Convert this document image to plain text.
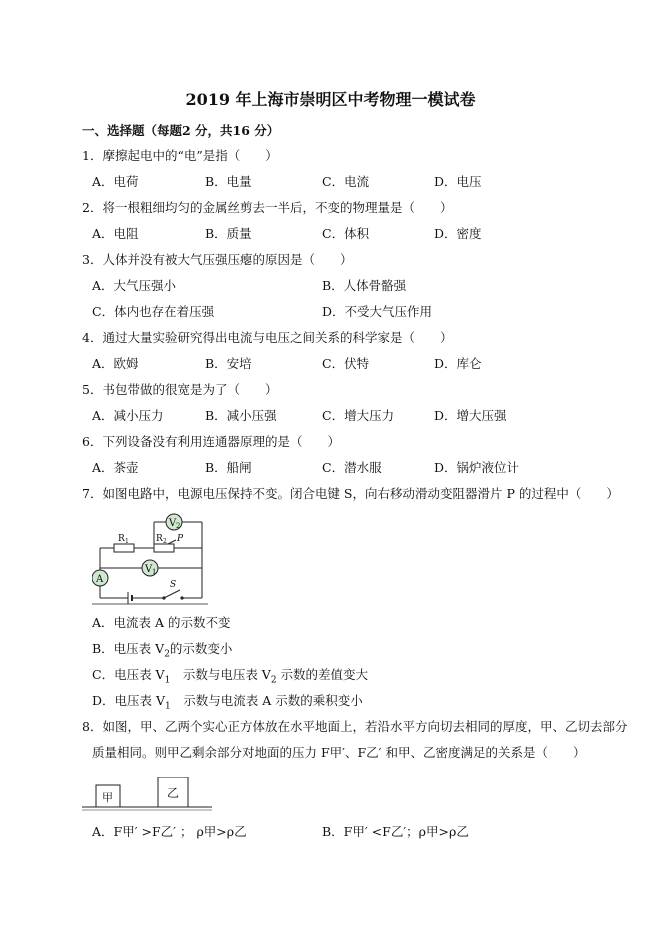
2019 年上海市崇明区中考物理一模试卷
一、选择题（每题2 分，共16 分）
1．摩擦起电中的“电”是指（　　）
A．电荷	B．电量	C．电流	D．电压
2．将一根粗细均匀的金属丝剪去一半后，不变的物理量是（　　）
A．电阻	B．质量	C．体积	D．密度
3．人体并没有被大气压强压瘪的原因是（　　）
A．大气压强小	B．人体骨骼强
C．体内也存在着压强	D．不受大气压作用
4．通过大量实验研究得出电流与电压之间关系的科学家是（　　）
A．欧姆	B．安培	C．伏特	D．库仑
5．书包带做的很宽是为了（　　）
A．减小压力	B．减小压强	C．增大压力	D．增大压强
6．下列设备没有利用连通器原理的是（　　）
A．茶壶	B．船闸	C．潜水服	D．锅炉液位计
7．如图电路中，电源电压保持不变。闭合电键 S，向右移动滑动变阻器滑片 P 的过程中（　　）
V 2
V 1
A
R 1	R 2 P
S
A．电流表 A 的示数不变
B．电压表 $V_2$的示数变小
C．电压表 $V_1$　示数与电压表 $V_2$ 示数的差值变大
D．电压表 $V_1$　示数与电流表 A 示数的乘积变小
8．如图，甲、乙两个实心正方体放在水平地面上，若沿水平方向切去相同的厚度，甲、乙切去部分
质量相同。则甲乙剩余部分对地面的压力 F甲′、F乙′ 和甲、乙密度满足的关系是（　　）
甲	乙
A．F甲′ >F乙′ ； ρ甲>ρ乙	B．F甲′ <F乙′；ρ甲>ρ乙
